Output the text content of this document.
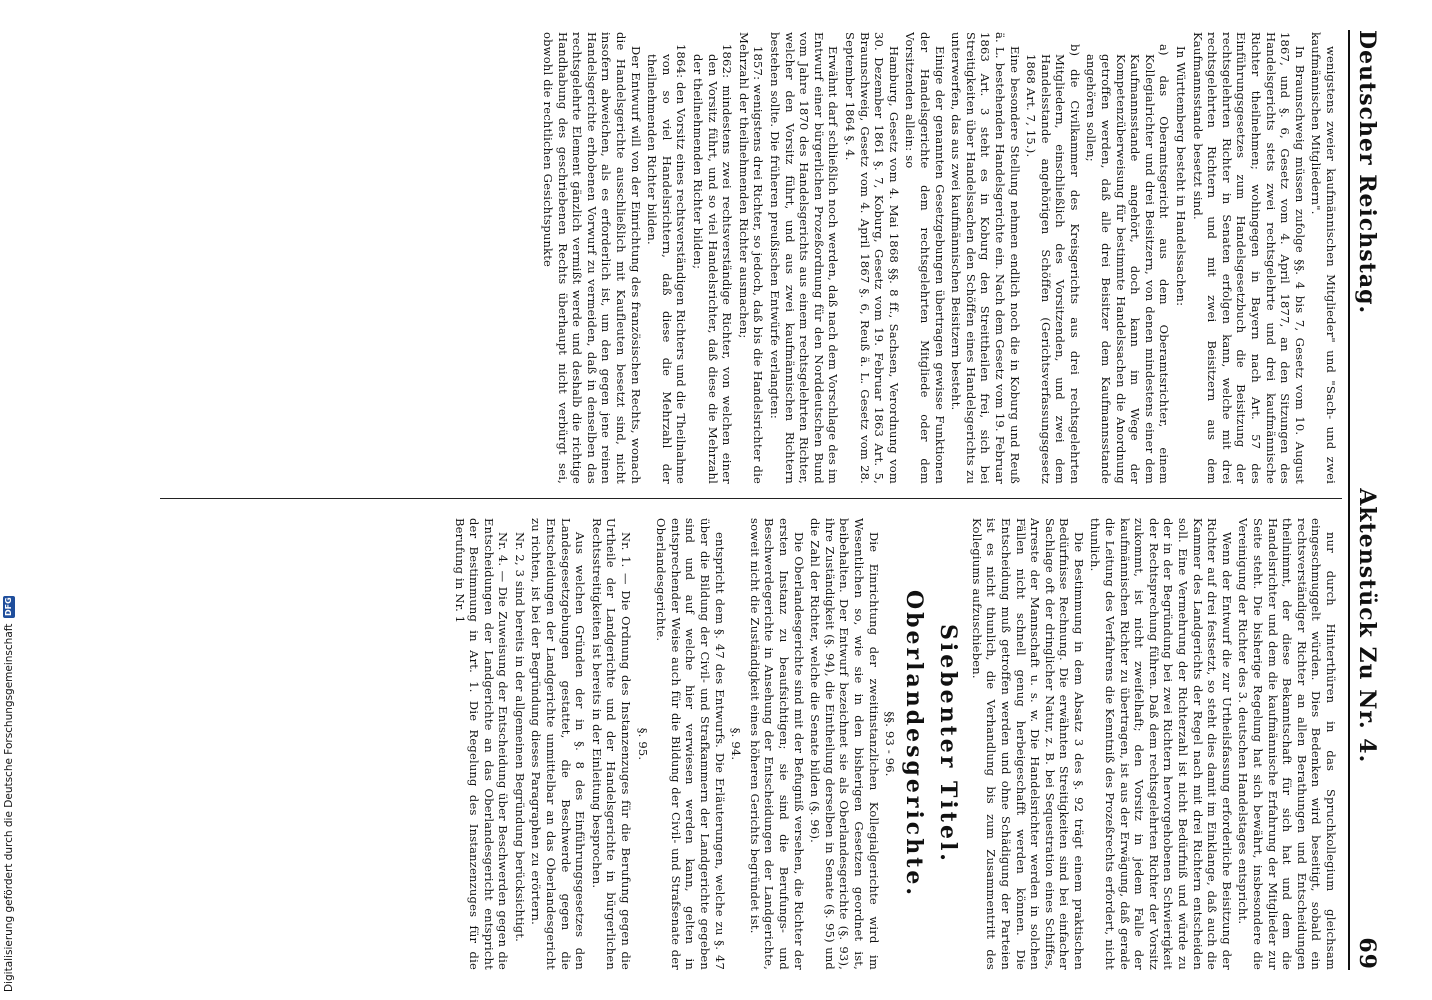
Deutscher Reichstag.
Aktenstück Zu Nr. 4.
69

wenigstens zweier kaufmännischen Mitglieder" und "Sach- und zwei kaufmännischen Mitgliedern".

In Braunschweig müssen zufolge §§. 4 bis 7, Gesetz vom 10. August 1867, und §. 6, Gesetz vom 4. April 1877, an den Sitzungen des Handelsgerichts stets zwei rechtsgelehrte und drei kaufmännische Richter theilnehmen; wohingegen in Bayern nach Art. 57 des Einführungsgesetzes zum Handelsgesetzbuch die Beisitzung der rechtsgelehrten Richter in Senaten erfolgen kann, welche mit drei rechtsgelehrten Richtern und mit zwei Beisitzern aus dem Kaufmannsstande besetzt sind.

In Württemberg besteht in Handelssachen:

a) das Oberamtsgericht aus dem Oberamtsrichter, einem Kollegialrichter und drei Beisitzern, von denen mindestens einer dem Kaufmannsstande angehört, doch kann im Wege der Kompetenzüberweisung für bestimmte Handelssachen die Anordnung getroffen werden, daß alle drei Beisitzer dem Kaufmannsstande angehören sollen;

b) die Civilkammer des Kreisgerichts aus drei rechtsgelehrten Mitgliedern, einschließlich des Vorsitzenden, und zwei dem Handelsstande angehörigen Schöffen (Gerichtsverfassungsgesetz 1868 Art. 7, 15.).

Eine besondere Stellung nehmen endlich noch die in Koburg und Reuß ä. L. bestehenden Handelsgerichte ein. Nach dem Gesetz vom 19. Februar 1863 Art. 3 steht es in Koburg den Streittheilen frei, sich bei Streitigkeiten über Handelssachen den Schöffen eines Handelsgerichts zu unterwerfen, das aus zwei kaufmännischen Beisitzern besteht.

Einige der genannten Gesetzgebungen übertragen gewisse Funktionen der Handelsgerichte dem rechtsgelehrten Mitgliede oder dem Vorsitzenden allein: so

Hamburg, Gesetz vom 4. Mai 1868 §§. 8 ff., Sachsen, Verordnung vom 30. Dezember 1861 §. 7, Koburg, Gesetz vom 19. Februar 1863 Art. 5, Braunschweig, Gesetz vom 4. April 1867 §. 6, Reuß ä. L. Gesetz vom 28. September 1864 §. 4.

Erwähnt darf schließlich noch werden, daß nach dem Vorschlage des im Entwurf einer bürgerlichen Prozeßordnung für den Norddeutschen Bund vom Jahre 1870 des Handelsgerichts aus einem rechtsgelehrten Richter, welcher den Vorsitz führt, und aus zwei kaufmännischen Richtern bestehen sollte. Die früheren preußischen Entwürfe verlangten:

1857: wenigstens drei Richter, so jedoch, daß bis die Handelsrichter die Mehrzahl der theilnehmenden Richter ausmachen;

1862: mindestens zwei rechtsverständige Richter, von welchen einer den Vorsitz führt, und so viel Handelsrichter, daß diese die Mehrzahl der theilnehmenden Richter bilden;

1864: den Vorsitz eines rechtsverständigen Richters und die Theilnahme von so viel Handelsrichtern, daß diese die Mehrzahl der theilnehmenden Richter bilden.

Der Entwurf will von der Einrichtung des französischen Rechts, wonach die Handelsgerichte ausschließlich mit Kaufleuten besetzt sind, nicht insofern abweichen, als es erforderlich ist, um den gegen jene reinen Handelsgerichte erhobenen Vorwurf zu vermeiden, daß in denselben das rechtsgelehrte Element gänzlich vermißt werde und deshalb die richtige Handhabung des geschriebenen Rechts überhaupt nicht verbürgt sei, obwohl die rechtlichen Gesichtspunkte

nur durch Hinterthüren in das Spruchkollegium gleichsam eingeschmuggelt würden. Dies Bedenken wird beseitigt, sobald ein rechtsverständiger Richter an allen Berathungen und Entscheidungen theilnimmt, der diese Bekanntschaft für sich hat und dem die Handelsrichter und dem die kaufmännische Erfahrung der Mitglieder zur Seite steht. Die bisherige Regelung hat sich bewährt, insbesondere die Vereinigung der Richter des 3. deutschen Handelstages entspricht.

Wenn der Entwurf die zur Urtheilsfassung erforderliche Beisitzung der Richter auf drei festsetzt, so steht dies damit im Einklange, daß auch die Kammer des Landgerichts der Regel nach mit drei Richtern entscheiden soll. Eine Vermehrung der Richterzahl ist nicht Bedürfniß und würde zu der in der Begründung bei zwei Richtern hervorgehobenen Schwierigkeit der Rechtsprechung führen. Daß dem rechtsgelehrten Richter der Vorsitz zukommt, ist nicht zweifelhaft; den Vorsitz in jedem Falle der kaufmännischen Richter zu übertragen, ist aus der Erwägung, daß gerade die Leitung des Verfahrens die Kenntniß des Prozeßrechts erfordert, nicht thunlich.

Die Bestimmung in dem Absatz 3 des §. 92 trägt einem praktischen Bedürfnisse Rechnung. Die erwähnten Streitigkeiten sind bei einfacher Sachlage oft der dringlicher Natur, z. B. bei Sequestration eines Schiffes, Arreste der Mannschaft u. s. w. Die Handelsrichter werden in solchen Fällen nicht schnell genug herbeigeschafft werden können. Die Entscheidung muß getroffen werden und ohne Schädigung der Parteien ist es nicht thunlich, die Verhandlung bis zum Zusammentritt des Kollegiums aufzuschieben.

Siebenter Titel.

Oberlandesgerichte.

§§. 93 - 96.

Die Einrichtung der zweitinstanzlichen Kollegialgerichte wird im Wesentlichen so, wie sie in den bisherigen Gesetzen geordnet ist, beibehalten. Der Entwurf bezeichnet sie als Oberlandesgerichte (§. 93), ihre Zuständigkeit (§. 94), die Eintheilung derselben in Senate (§. 95) und die Zahl der Richter, welche die Senate bilden (§. 96).

Die Oberlandesgerichte sind mit der Befugniß versehen, die Richter der ersten Instanz zu beaufsichtigen; sie sind die Berufungs- und Beschwerdegerichte in Ansehung der Entscheidungen der Landgerichte, soweit nicht die Zuständigkeit eines höheren Gerichts begründet ist.

§. 94.

entspricht dem §. 47 des Entwurfs. Die Erläuterungen, welche zu §. 47 über die Bildung der Civil- und Strafkammern der Landgerichte gegeben sind und auf welche hier verwiesen werden kann, gelten in entsprechender Weise auch für die Bildung der Civil- und Strafsenate der Oberlandesgerichte.

§. 95.

Nr. 1. — Die Ordnung des Instanzenzuges für die Berufung gegen die Urtheile der Landgerichte und der Handelsgerichte in bürgerlichen Rechtsstreitigkeiten ist bereits in der Einleitung besprochen.

Aus welchen Gründen der in §. 8 des Einführungsgesetzes den Landesgesetzgebungen gestattet, die Beschwerde gegen die Entscheidungen der Landgerichte unmittelbar an das Oberlandesgericht zu richten, ist bei der Begründung dieses Paragraphen zu erörtern.

Nr. 2, 3 sind bereits in der allgemeinen Begründung berücksichtigt.

Nr. 4. — Die Zuweisung der Entscheidung über Beschwerden gegen die Entscheidungen der Landgerichte an das Oberlandesgericht entspricht der Bestimmung in Art. 1. Die Regelung des Instanzenzuges für die Berufung in Nr. 1

Digitalisierung gefördert durch die Deutsche Forschungsgemeinschaft
DFG
